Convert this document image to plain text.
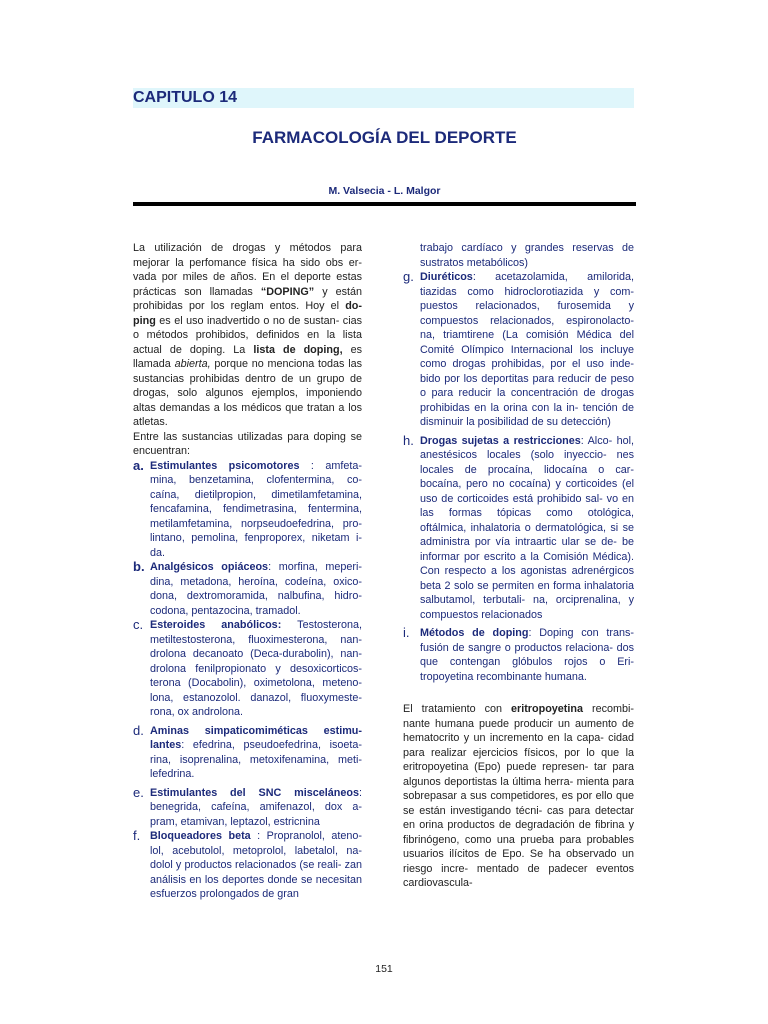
CAPITULO 14
FARMACOLOGÍA DEL DEPORTE
M. Valsecia - L. Malgor

La utilización de drogas y métodos para mejorar la perfomance física ha sido obs er- vada por miles de años. En el deporte estas prácticas son llamadas “DOPING” y están prohibidas por los reglam entos. Hoy el do- ping es el uso inadvertido o no de sustan- cias o métodos prohibidos, definidos en la lista actual de doping. La lista de doping, es llamada abierta, porque no menciona todas las sustancias prohibidas dentro de un grupo de drogas, solo algunos ejemplos, imponiendo altas demandas a los médicos que tratan a los atletas.

Entre las sustancias utilizadas para doping se encuentran:

a. Estimulantes psicomotores : amfeta- mina, benzetamina, clofentermina, co- caína, dietilpropion, dimetilamfetamina, fencafamina, fendimetrasina, fentermina, metilamfetamina, norpseudoefedrina, pro- lintano, pemolina, fenproporex, niketam i- da.
b. Analgésicos opiáceos: morfina, meperi- dina, metadona, heroína, codeína, oxico- dona, dextromoramida, nalbufina, hidro- codona, pentazocina, tramadol.
c. Esteroides anabólicos: Testosterona, metiltestosterona, fluoximesterona, nan- drolona decanoato (Deca-durabolin), nan- drolona fenilpropionato y desoxicorticos- terona (Docabolin), oximetolona, meteno- lona, estanozolol. danazol, fluoxymeste- rona, ox androlona.
d. Aminas simpaticomiméticas estimu- lantes: efedrina, pseudoefedrina, isoeta- rina, isoprenalina, metoxifenamina, meti- lefedrina.
e. Estimulantes del SNC misceláneos: benegrida, cafeína, amifenazol, dox a- pram, etamivan, leptazol, estricnina
f. Bloqueadores beta : Propranolol, ateno- lol, acebutolol, metoprolol, labetalol, na- dolol y productos relacionados (se reali- zan análisis en los deportes donde se necesitan esfuerzos prolongados de gran

trabajo cardíaco y grandes reservas de sustratos metabólicos)

g. Diuréticos: acetazolamida, amilorida, tiazidas como hidroclorotiazida y com- puestos relacionados, furosemida y compuestos relacionados, espironolacto- na, triamtirene (La comisión Médica del Comité Olímpico Internacional los incluye como drogas prohibidas, por el uso inde- bido por los deportitas para reducir de peso o para reducir la concentración de drogas prohibidas en la orina con la in- tención de disminuir la posibilidad de su detección)
h. Drogas sujetas a restricciones: Alco- hol, anestésicos locales (solo inyeccio- nes locales de procaína, lidocaína o car- bocaína, pero no cocaína) y corticoides (el uso de corticoides está prohibido sal- vo en las formas tópicas como otológica, oftálmica, inhalatoria o dermatológica, si se administra por vía intraartic ular se de- be informar por escrito a la Comisión Médica). Con respecto a los agonistas adrenérgicos beta 2 solo se permiten en forma inhalatoria salbutamol, terbutali- na, orciprenalina, y compuestos relacionados
i. Métodos de doping: Doping con trans- fusión de sangre o productos relaciona- dos que contengan glóbulos rojos o Eri- tropoyetina recombinante humana.

El tratamiento con eritropoyetina recombi- nante humana puede producir un aumento de hematocrito y un incremento en la capa- cidad para realizar ejercicios físicos, por lo que la eritropoyetina (Epo) puede represen- tar para algunos deportistas la última herra- mienta para sobrepasar a sus competidores, es por ello que se están investigando técni- cas para detectar en orina productos de degradación de fibrina y fibrinógeno, como una prueba para probables usuarios ilícitos de Epo. Se ha observado un riesgo incre- mentado de padecer eventos cardiovascula-

151
